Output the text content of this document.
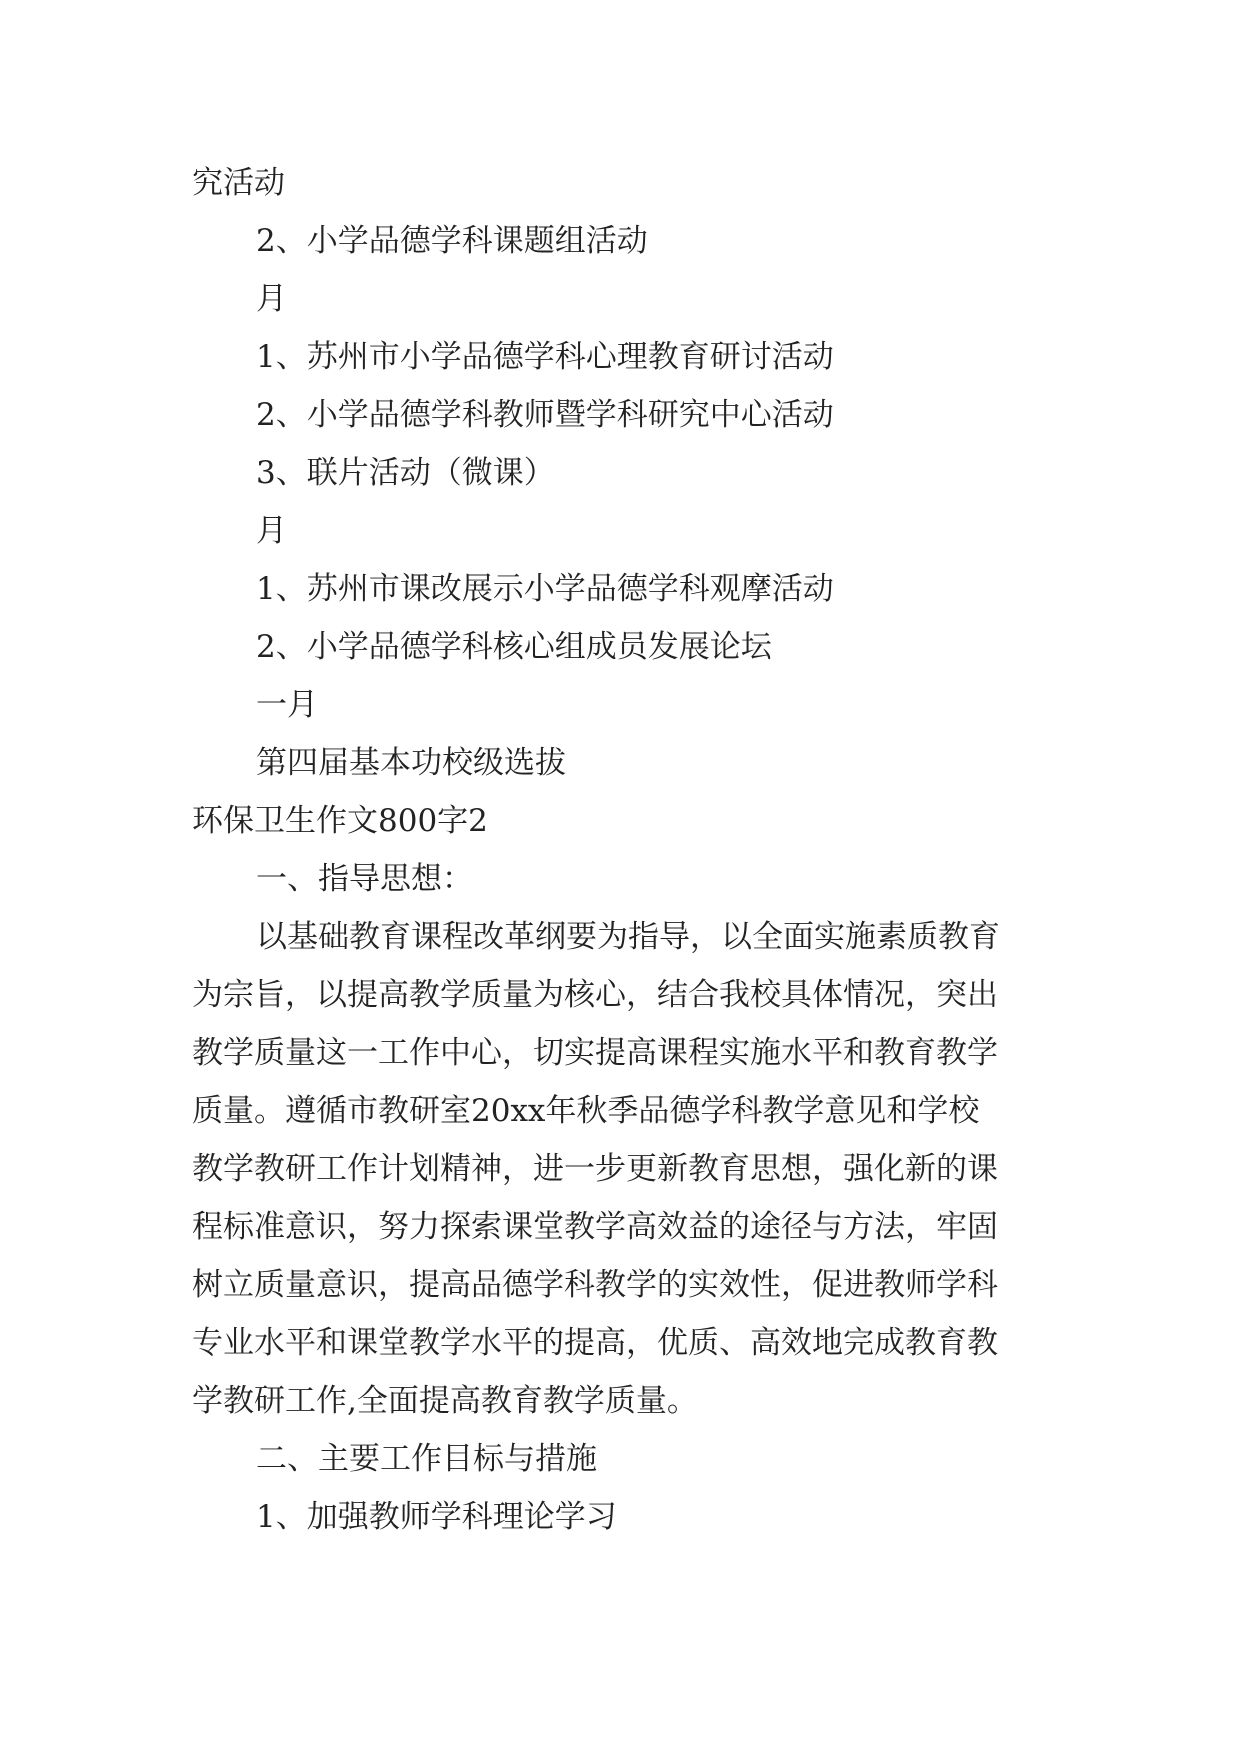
究活动
2、小学品德学科课题组活动
月
1、苏州市小学品德学科心理教育研讨活动
2、小学品德学科教师暨学科研究中心活动
3、联片活动（微课）
月
1、苏州市课改展示小学品德学科观摩活动
2、小学品德学科核心组成员发展论坛
一月
第四届基本功校级选拔
环保卫生作文800字2
一、指导思想：
以基础教育课程改革纲要为指导，以全面实施素质教育
为宗旨，以提高教学质量为核心，结合我校具体情况，突出
教学质量这一工作中心，切实提高课程实施水平和教育教学
质量。遵循市教研室20xx年秋季品德学科教学意见和学校
教学教研工作计划精神，进一步更新教育思想，强化新的课
程标准意识，努力探索课堂教学高效益的途径与方法，牢固
树立质量意识，提高品德学科教学的实效性，促进教师学科
专业水平和课堂教学水平的提高，优质、高效地完成教育教
学教研工作,全面提高教育教学质量。
二、主要工作目标与措施
1、加强教师学科理论学习
